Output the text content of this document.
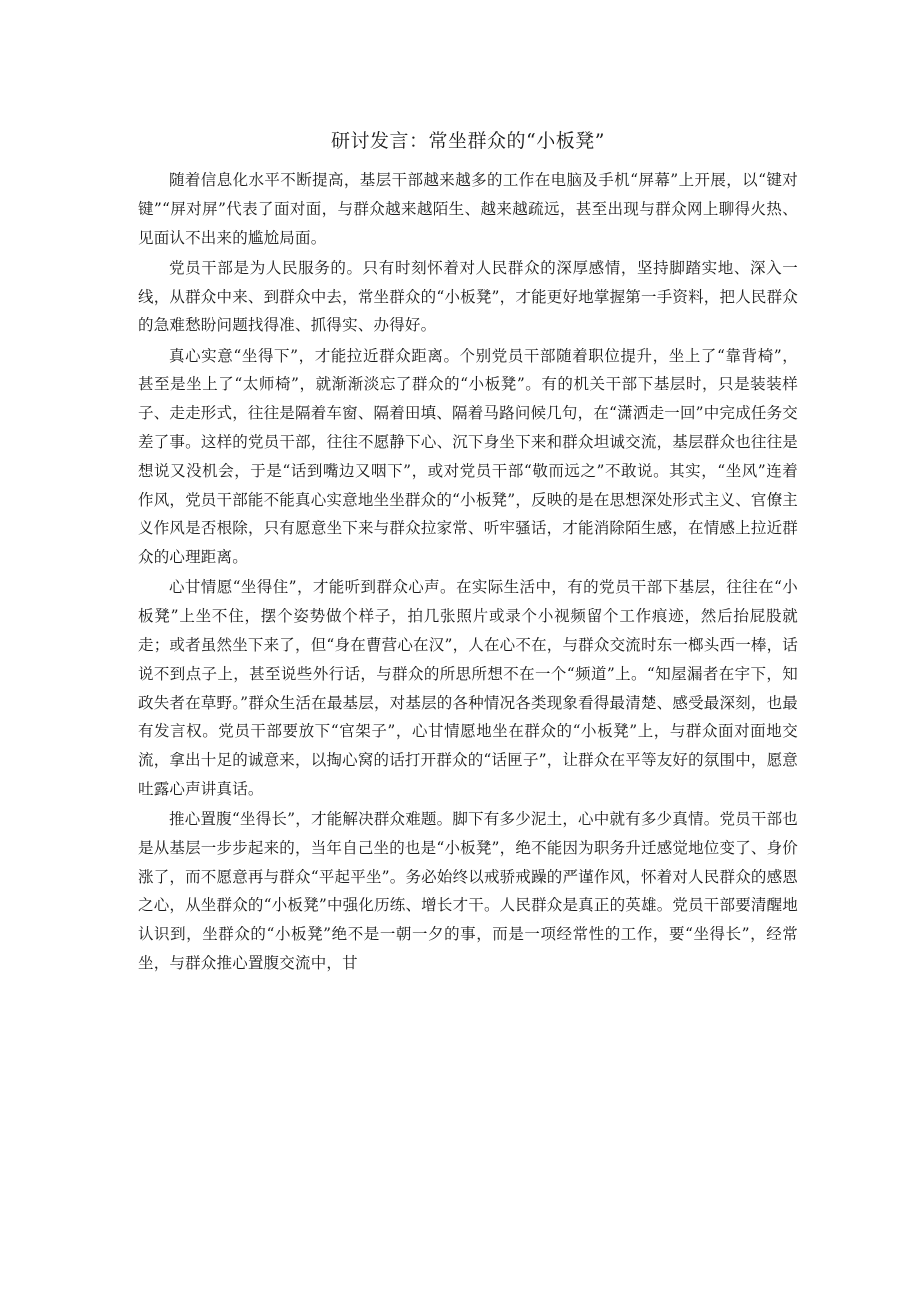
研讨发言：常坐群众的“小板凳”

随着信息化水平不断提高，基层干部越来越多的工作在电脑及手机“屏幕”上开展，以“键对键”“屏对屏”代表了面对面，与群众越来越陌生、越来越疏远，甚至出现与群众网上聊得火热、见面认不出来的尴尬局面。

党员干部是为人民服务的。只有时刻怀着对人民群众的深厚感情，坚持脚踏实地、深入一线，从群众中来、到群众中去，常坐群众的“小板凳”，才能更好地掌握第一手资料，把人民群众的急难愁盼问题找得准、抓得实、办得好。

真心实意“坐得下”，才能拉近群众距离。个别党员干部随着职位提升，坐上了“靠背椅”，甚至是坐上了“太师椅”，就渐渐淡忘了群众的“小板凳”。有的机关干部下基层时，只是装装样子、走走形式，往往是隔着车窗、隔着田填、隔着马路问候几句，在“潇洒走一回”中完成任务交差了事。这样的党员干部，往往不愿静下心、沉下身坐下来和群众坦诚交流，基层群众也往往是想说又没机会，于是“话到嘴边又咽下”，或对党员干部“敬而远之”不敢说。其实，“坐风”连着作风，党员干部能不能真心实意地坐坐群众的“小板凳”，反映的是在思想深处形式主义、官僚主义作风是否根除，只有愿意坐下来与群众拉家常、听牢骚话，才能消除陌生感，在情感上拉近群众的心理距离。

心甘情愿“坐得住”，才能听到群众心声。在实际生活中，有的党员干部下基层，往往在“小板凳”上坐不住，摆个姿势做个样子，拍几张照片或录个小视频留个工作痕迹，然后抬屁股就走；或者虽然坐下来了，但“身在曹营心在汉”，人在心不在，与群众交流时东一榔头西一棒，话说不到点子上，甚至说些外行话，与群众的所思所想不在一个“频道”上。“知屋漏者在宇下，知政失者在草野。”群众生活在最基层，对基层的各种情况各类现象看得最清楚、感受最深刻，也最有发言权。党员干部要放下“官架子”，心甘情愿地坐在群众的“小板凳”上，与群众面对面地交流，拿出十足的诚意来，以掏心窝的话打开群众的“话匣子”，让群众在平等友好的氛围中，愿意吐露心声讲真话。

推心置腹“坐得长”，才能解决群众难题。脚下有多少泥土，心中就有多少真情。党员干部也是从基层一步步起来的，当年自己坐的也是“小板凳”，绝不能因为职务升迁感觉地位变了、身价涨了，而不愿意再与群众“平起平坐”。务必始终以戒骄戒躁的严谨作风，怀着对人民群众的感恩之心，从坐群众的“小板凳”中强化历练、增长才干。人民群众是真正的英雄。党员干部要清醒地认识到，坐群众的“小板凳”绝不是一朝一夕的事，而是一项经常性的工作，要“坐得长”，经常坐，与群众推心置腹交流中，甘
